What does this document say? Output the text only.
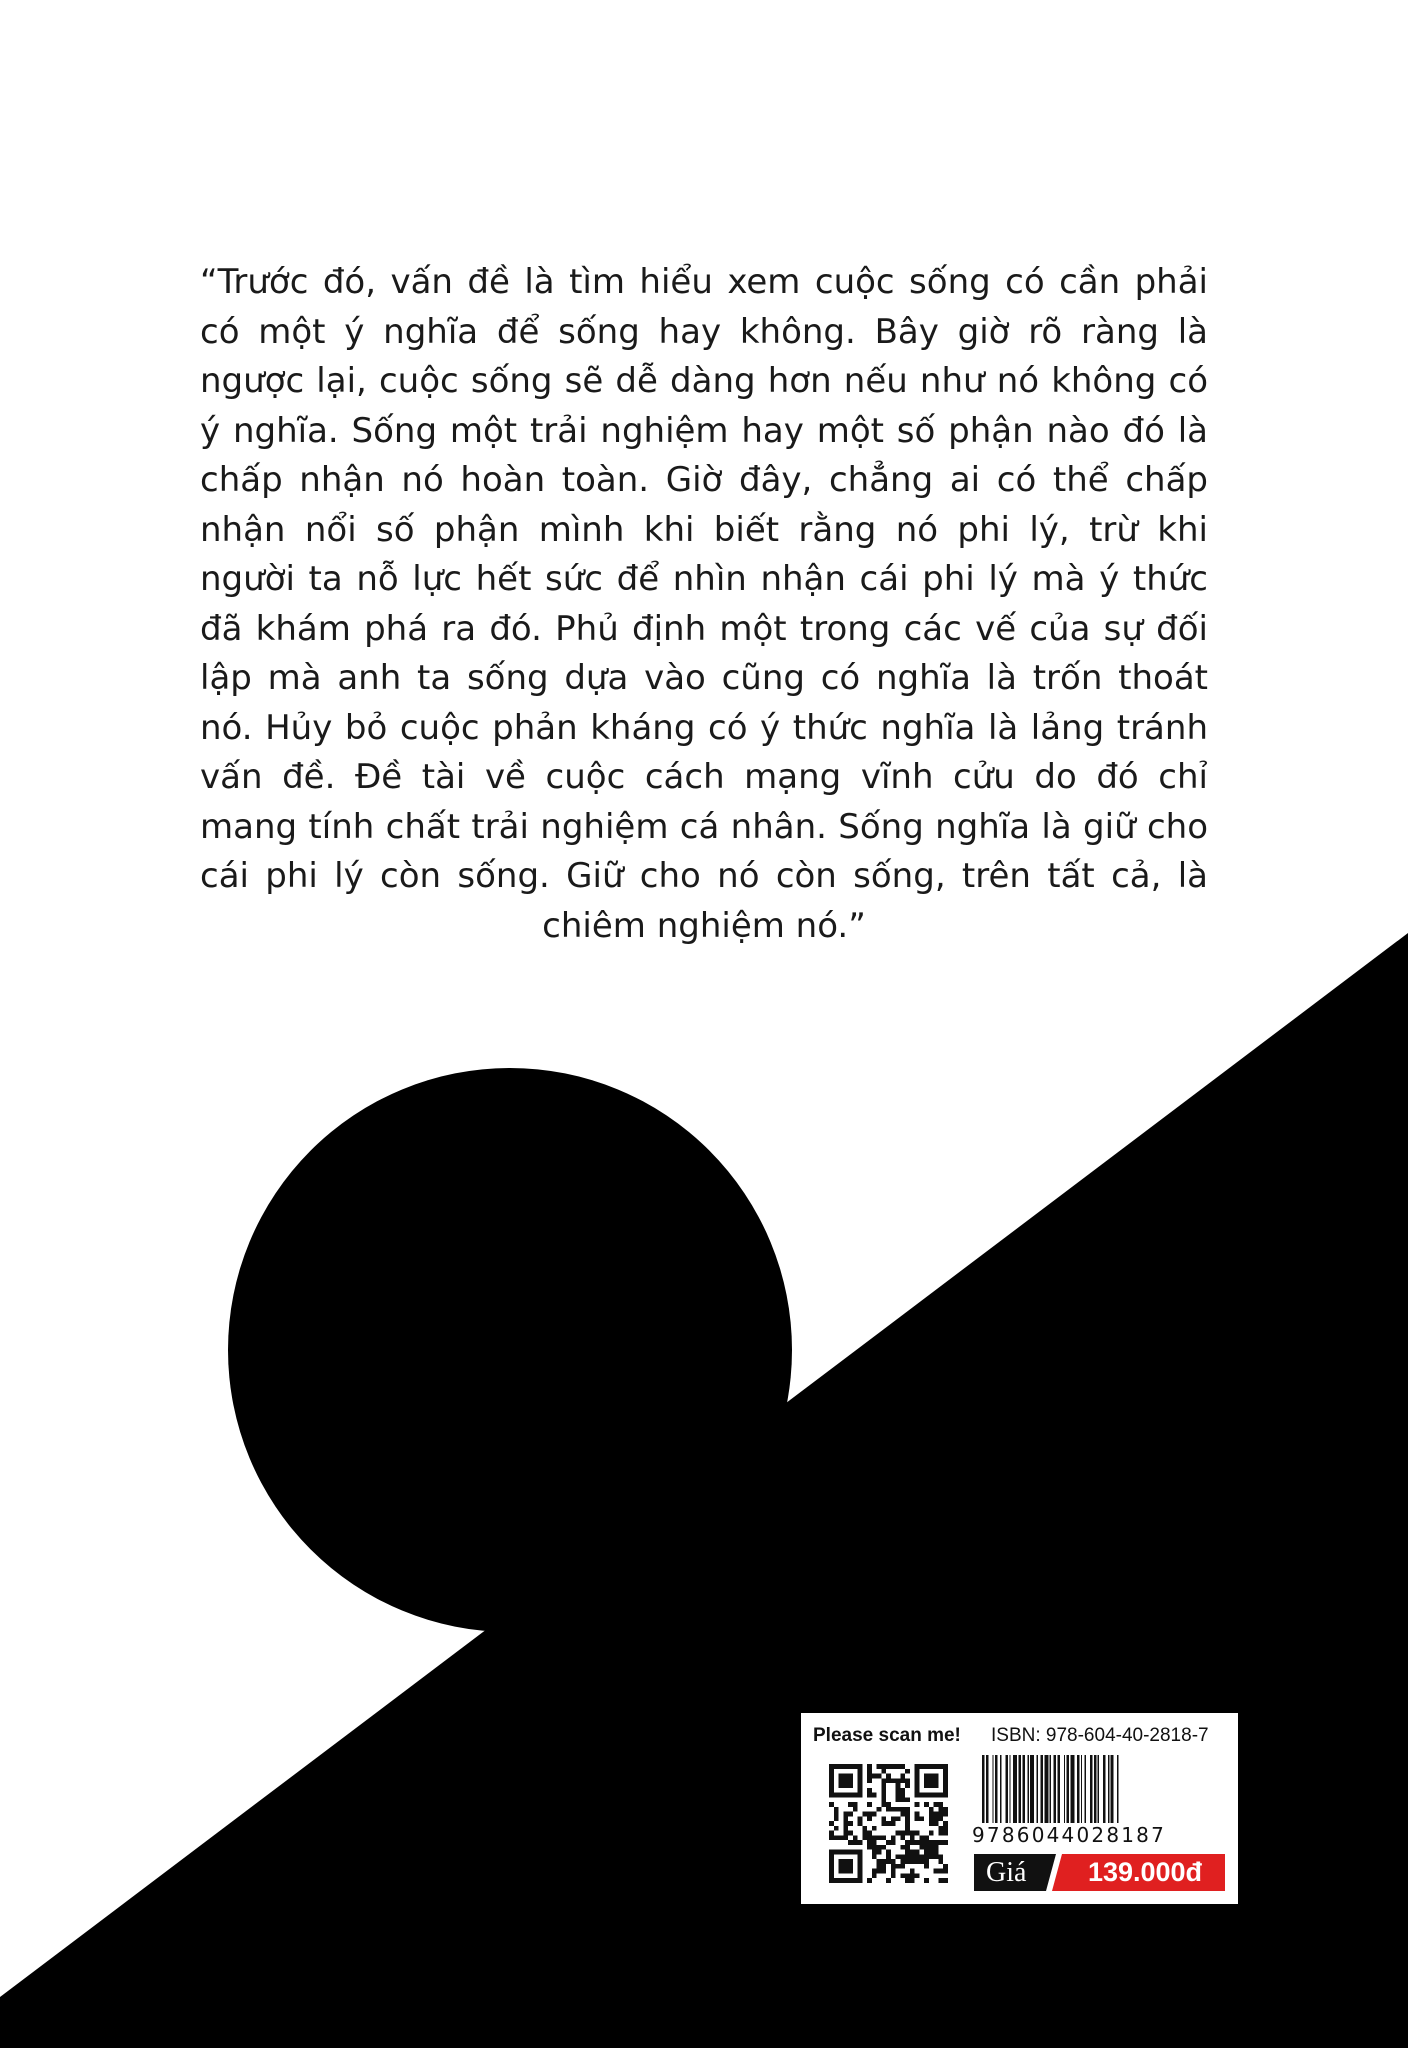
“Trước đó, vấn đề là tìm hiểu xem cuộc sống có cần phải có một ý nghĩa để sống hay không. Bây giờ rõ ràng là ngược lại, cuộc sống sẽ dễ dàng hơn nếu như nó không có ý nghĩa. Sống một trải nghiệm hay một số phận nào đó là chấp nhận nó hoàn toàn. Giờ đây, chẳng ai có thể chấp nhận nổi số phận mình khi biết rằng nó phi lý, trừ khi người ta nỗ lực hết sức để nhìn nhận cái phi lý mà ý thức đã khám phá ra đó. Phủ định một trong các vế của sự đối lập mà anh ta sống dựa vào cũng có nghĩa là trốn thoát nó. Hủy bỏ cuộc phản kháng có ý thức nghĩa là lảng tránh vấn đề. Đề tài về cuộc cách mạng vĩnh cửu do đó chỉ mang tính chất trải nghiệm cá nhân. Sống nghĩa là giữ cho cái phi lý còn sống. Giữ cho nó còn sống, trên tất cả, là chiêm nghiệm nó.”

Please scan me! ISBN: 978-604-40-2818-7
9786044028187
Giá	139.000đ
